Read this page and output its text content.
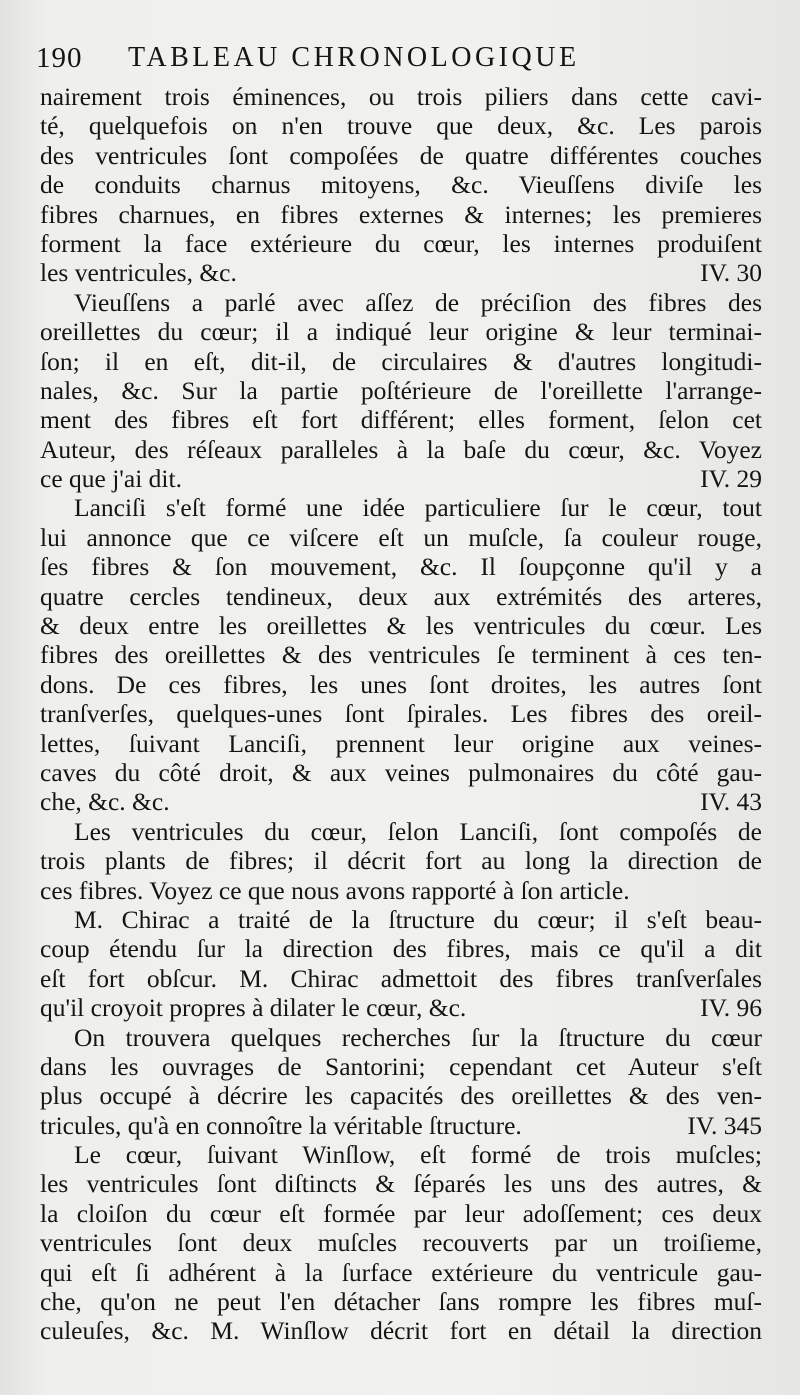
190 TABLEAU CHRONOLOGIQUE
nairement trois éminences, ou trois piliers dans cette cavi-
té, quelquefois on n'en trouve que deux, &c. Les parois
des ventricules ſont compoſées de quatre différentes couches
de conduits charnus mitoyens, &c. Vieuſſens diviſe les
fibres charnues, en fibres externes & internes; les premieres
forment la face extérieure du cœur, les internes produiſent
les ventricules, &c.	IV. 30
Vieuſſens a parlé avec aſſez de préciſion des fibres des
oreillettes du cœur; il a indiqué leur origine & leur terminai-
ſon; il en eſt, dit-il, de circulaires & d'autres longitudi-
nales, &c. Sur la partie poſtérieure de l'oreillette l'arrange-
ment des fibres eſt fort différent; elles forment, ſelon cet
Auteur, des réſeaux paralleles à la baſe du cœur, &c. Voyez
ce que j'ai dit.	IV. 29
Lanciſi s'eſt formé une idée particuliere ſur le cœur, tout
lui annonce que ce viſcere eſt un muſcle, ſa couleur rouge,
ſes fibres & ſon mouvement, &c. Il ſoupçonne qu'il y a
quatre cercles tendineux, deux aux extrémités des arteres,
& deux entre les oreillettes & les ventricules du cœur. Les
fibres des oreillettes & des ventricules ſe terminent à ces ten-
dons. De ces fibres, les unes ſont droites, les autres ſont
tranſverſes, quelques-unes ſont ſpirales. Les fibres des oreil-
lettes, ſuivant Lanciſi, prennent leur origine aux veines-
caves du côté droit, & aux veines pulmonaires du côté gau-
che, &c. &c.	IV. 43
Les ventricules du cœur, ſelon Lanciſi, ſont compoſés de
trois plants de fibres; il décrit fort au long la direction de
ces fibres. Voyez ce que nous avons rapporté à ſon article.
M. Chirac a traité de la ſtructure du cœur; il s'eſt beau-
coup étendu ſur la direction des fibres, mais ce qu'il a dit
eſt fort obſcur. M. Chirac admettoit des fibres tranſverſales
qu'il croyoit propres à dilater le cœur, &c.	IV. 96
On trouvera quelques recherches ſur la ſtructure du cœur
dans les ouvrages de Santorini; cependant cet Auteur s'eſt
plus occupé à décrire les capacités des oreillettes & des ven-
tricules, qu'à en connoître la véritable ſtructure.	IV. 345
Le cœur, ſuivant Winſlow, eſt formé de trois muſcles;
les ventricules ſont diſtincts & ſéparés les uns des autres, &
la cloiſon du cœur eſt formée par leur adoſſement; ces deux
ventricules ſont deux muſcles recouverts par un troiſieme,
qui eſt ſi adhérent à la ſurface extérieure du ventricule gau-
che, qu'on ne peut l'en détacher ſans rompre les fibres muſ-
culeuſes, &c. M. Winſlow décrit fort en détail la direction
